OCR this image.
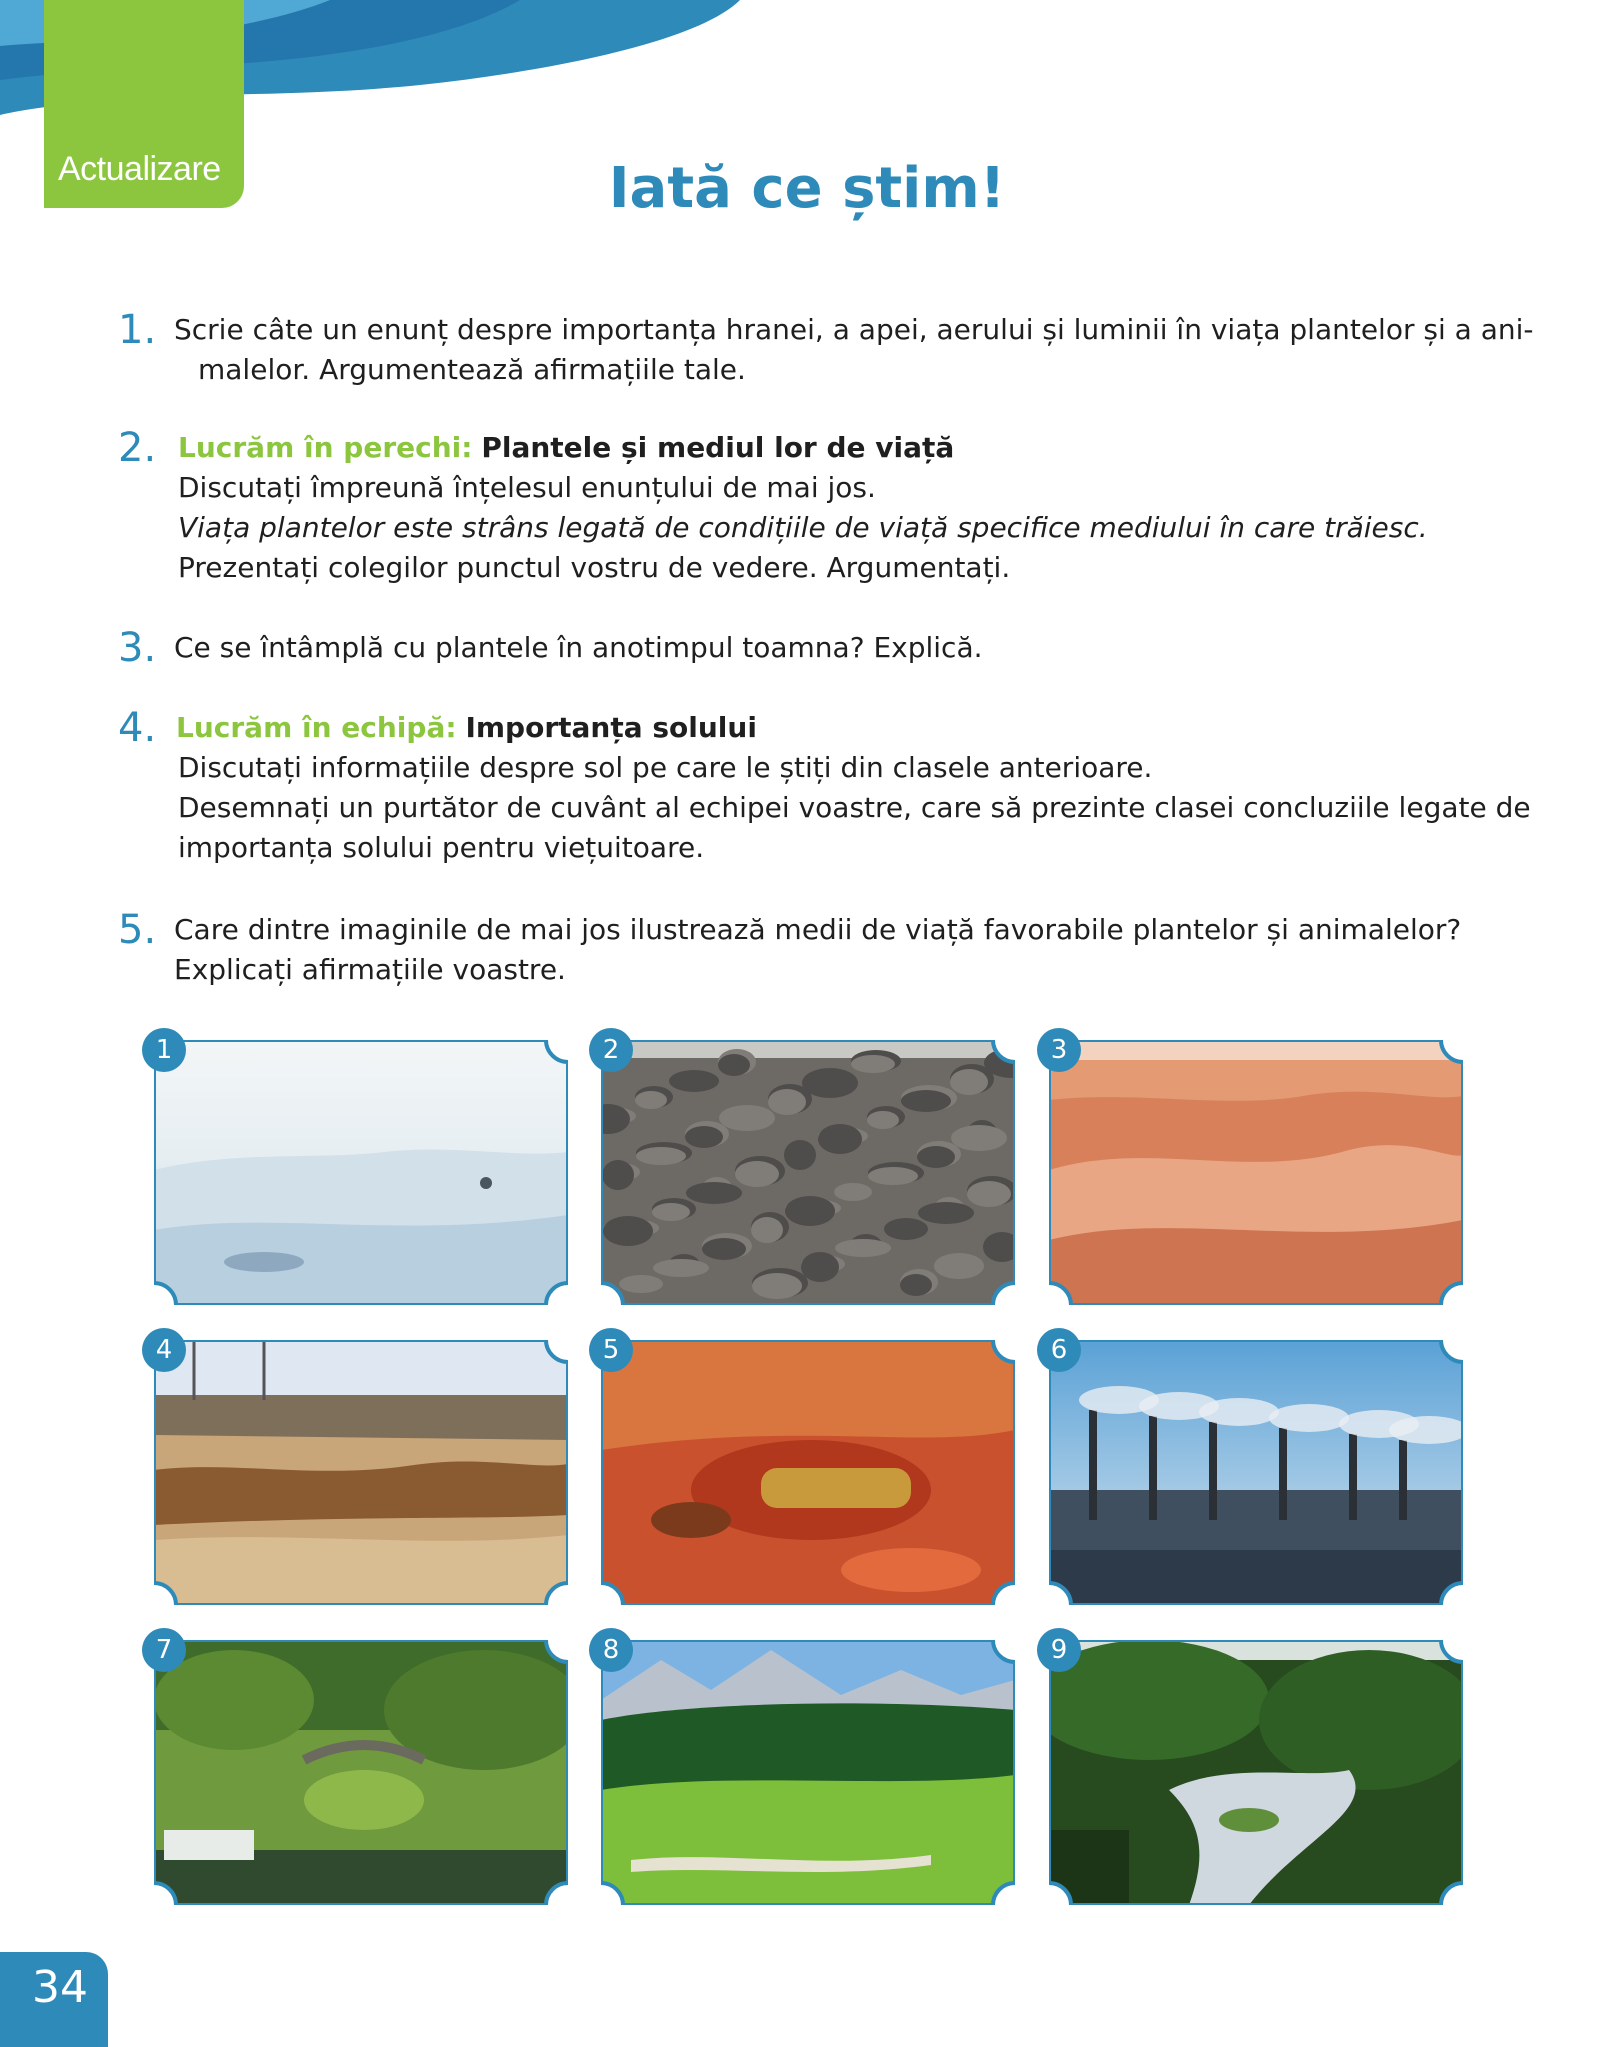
Actualizare	Iată ce știm!
1. Scrie câte un enunț despre importanța hranei, a apei, aerului și luminii în viața plantelor și a ani-
malelor. Argumentează afirmațiile tale.
2. Lucrăm în perechi: Plantele și mediul lor de viață
Discutați împreună înțelesul enunțului de mai jos.
Viața plantelor este strâns legată de condițiile de viață specifice mediului în care trăiesc.
Prezentați colegilor punctul vostru de vedere. Argumentați.
3. Ce se întâmplă cu plantele în anotimpul toamna? Explică.
4. Lucrăm în echipă: Importanța solului
Discutați informațiile despre sol pe care le știți din clasele anterioare.
Desemnați un purtător de cuvânt al echipei voastre, care să prezinte clasei concluziile legate de
importanța solului pentru viețuitoare.
5. Care dintre imaginile de mai jos ilustrează medii de viață favorabile plantelor și animalelor?
Explicați afirmațiile voastre.
1	2	3
4	5	6
7	8	9
34
